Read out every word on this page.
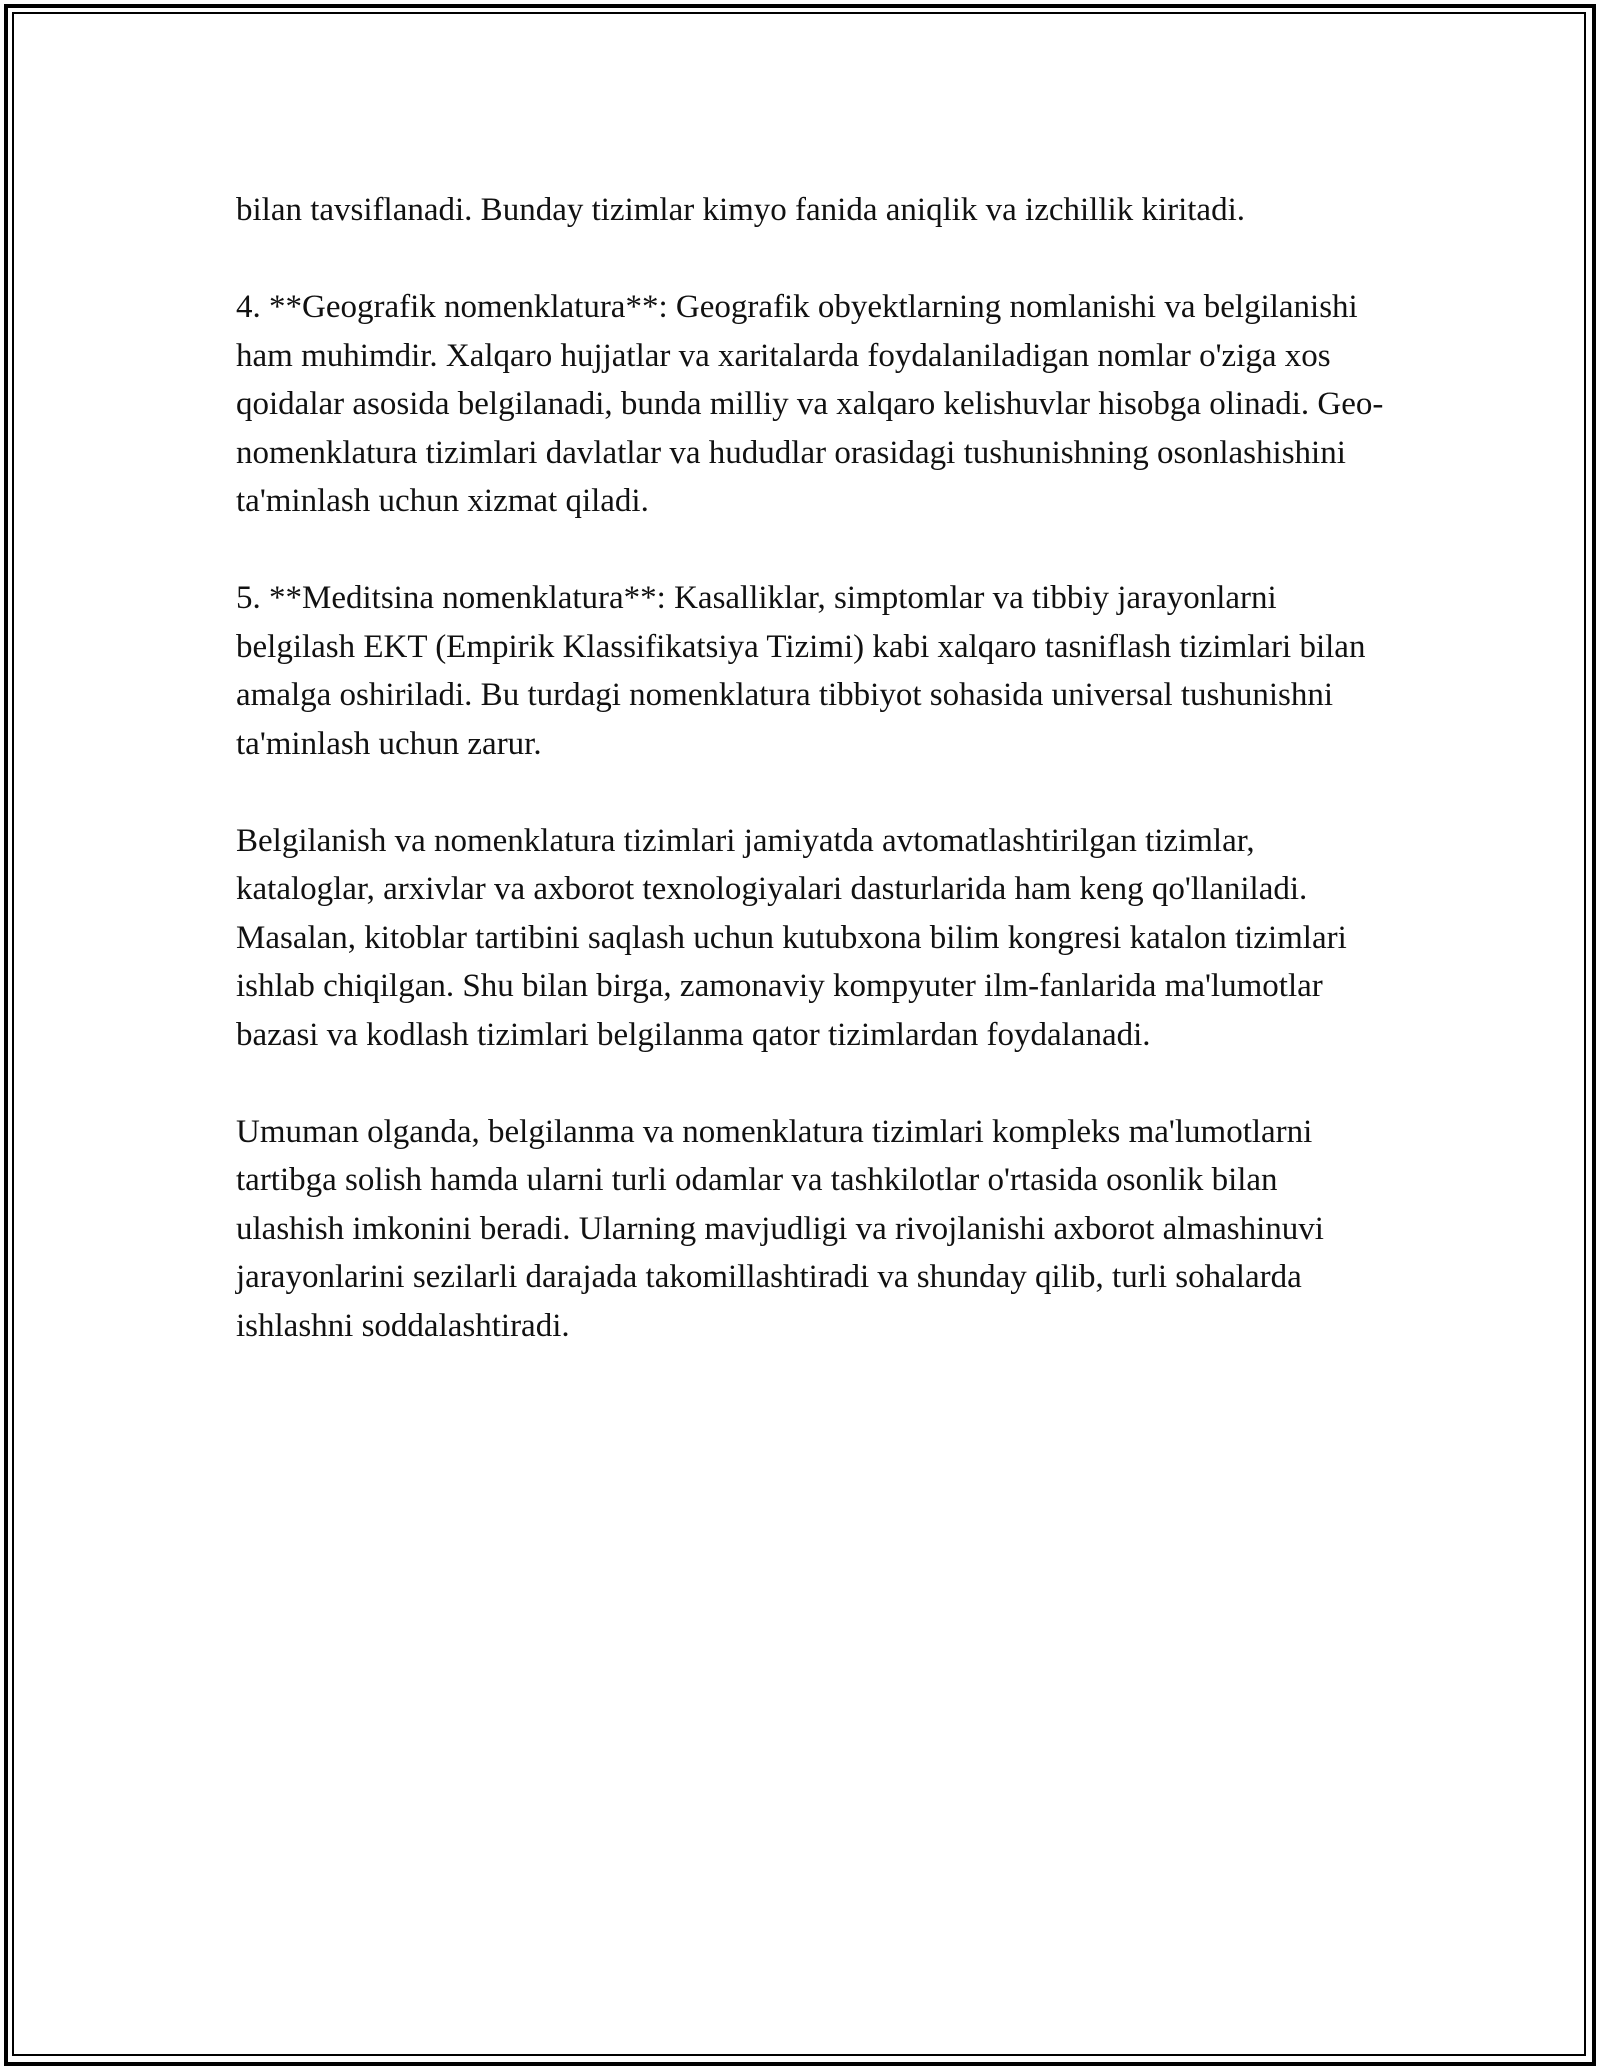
bilan tavsiflanadi. Bunday tizimlar kimyo fanida aniqlik va izchillik kiritadi.

4. **Geografik nomenklatura**: Geografik obyektlarning nomlanishi va belgilanishi ham muhimdir. Xalqaro hujjatlar va xaritalarda foydalaniladigan nomlar o'ziga xos qoidalar asosida belgilanadi, bunda milliy va xalqaro kelishuvlar hisobga olinadi. Geo-nomenklatura tizimlari davlatlar va hududlar orasidagi tushunishning osonlashishini ta'minlash uchun xizmat qiladi.

5. **Meditsina nomenklatura**: Kasalliklar, simptomlar va tibbiy jarayonlarni belgilash EKT (Empirik Klassifikatsiya Tizimi) kabi xalqaro tasniflash tizimlari bilan amalga oshiriladi. Bu turdagi nomenklatura tibbiyot sohasida universal tushunishni ta'minlash uchun zarur.

Belgilanish va nomenklatura tizimlari jamiyatda avtomatlashtirilgan tizimlar, kataloglar, arxivlar va axborot texnologiyalari dasturlarida ham keng qo'llaniladi. Masalan, kitoblar tartibini saqlash uchun kutubxona bilim kongresi katalon tizimlari ishlab chiqilgan. Shu bilan birga, zamonaviy kompyuter ilm-fanlarida ma'lumotlar bazasi va kodlash tizimlari belgilanma qator tizimlardan foydalanadi.

Umuman olganda, belgilanma va nomenklatura tizimlari kompleks ma'lumotlarni tartibga solish hamda ularni turli odamlar va tashkilotlar o'rtasida osonlik bilan ulashish imkonini beradi. Ularning mavjudligi va rivojlanishi axborot almashinuvi jarayonlarini sezilarli darajada takomillashtiradi va shunday qilib, turli sohalarda ishlashni soddalashtiradi.
